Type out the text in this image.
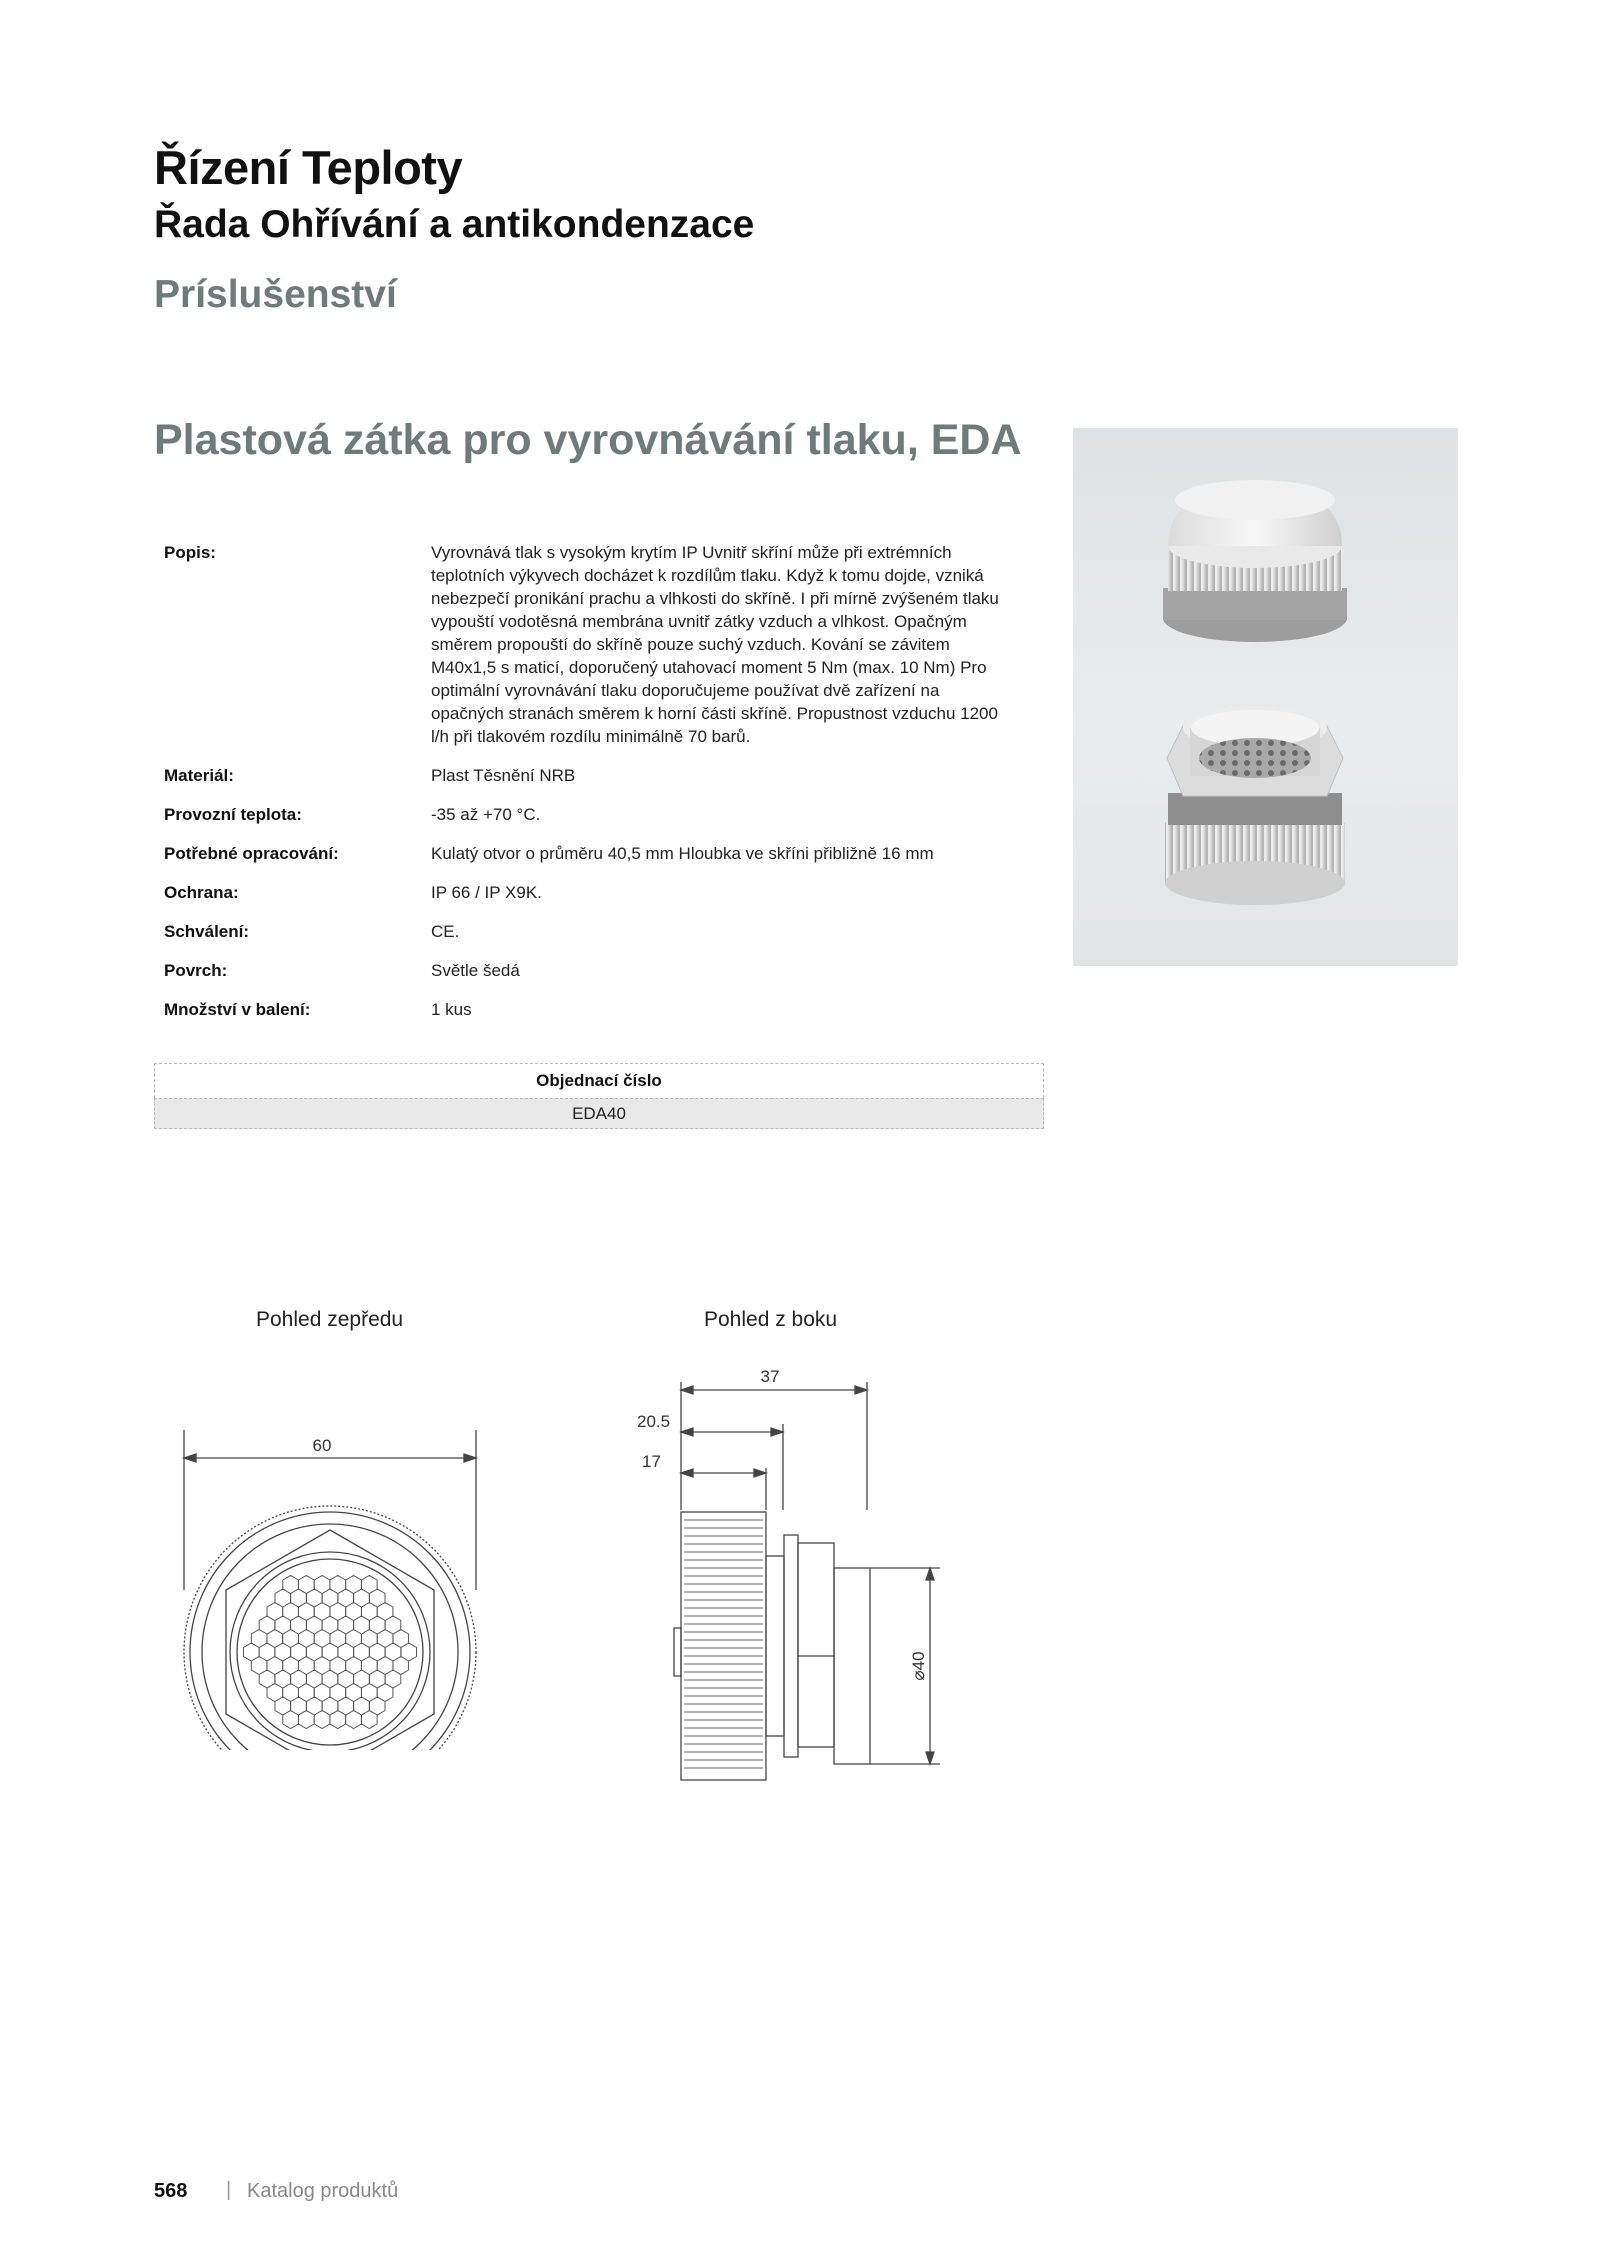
Řízení Teploty
Řada Ohřívání a antikondenzace
Príslušenství
Plastová zátka pro vyrovnávání tlaku, EDA
Popis:	Vyrovnává tlak s vysokým krytím IP Uvnitř skříní může při extrémních teplotních výkyvech docházet k rozdílům tlaku. Když k tomu dojde, vzniká nebezpečí pronikání prachu a vlhkosti do skříně. I při mírně zvýšeném tlaku vypouští vodotěsná membrána uvnitř zátky vzduch a vlhkost. Opačným směrem propouští do skříně pouze suchý vzduch. Kování se závitem M40x1,5 s maticí, doporučený utahovací moment 5 Nm (max. 10 Nm) Pro optimální vyrovnávání tlaku doporučujeme používat dvě zařízení na opačných stranách směrem k horní části skříně. Propustnost vzduchu 1200 l/h při tlakovém rozdílu minimálně 70 barů.
Materiál:	Plast Těsnění NRB
Provozní teplota:	-35 až +70 °C.
Potřebné opracování:	Kulatý otvor o průměru 40,5 mm Hloubka ve skříni přibližně 16 mm
Ochrana:	IP 66 / IP X9K.
Schválení:	CE.
Povrch:	Světle šedá
Množství v balení:	1 kus
Objednací číslo
EDA40
Pohled zepředu	Pohled z boku
60
37
20.5
17
⌀40
568 | Katalog produktů
